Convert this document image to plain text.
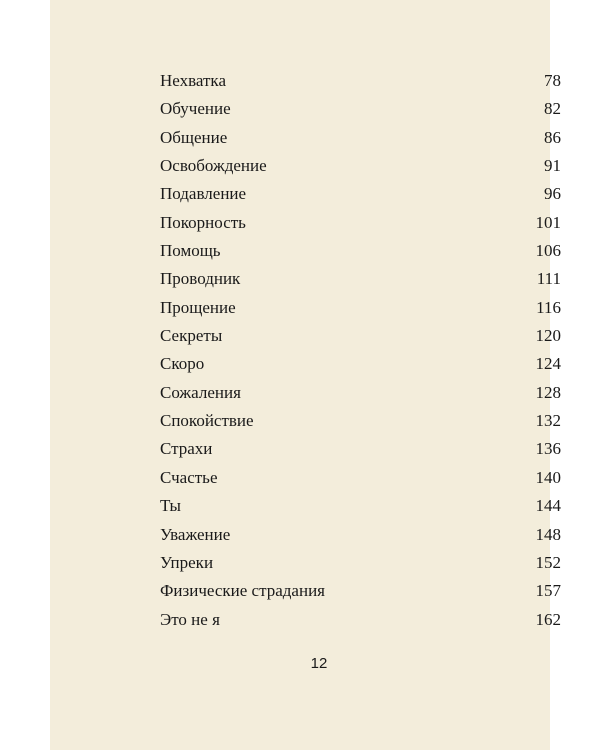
Нехватка	78
Обучение	82
Общение	86
Освобождение	91
Подавление	96
Покорность	101
Помощь	106
Проводник	111
Прощение	116
Секреты	120
Скоро	124
Сожаления	128
Спокойствие	132
Страхи	136
Счастье	140
Ты	144
Уважение	148
Упреки	152
Физические страдания	157
Это не я	162
12
